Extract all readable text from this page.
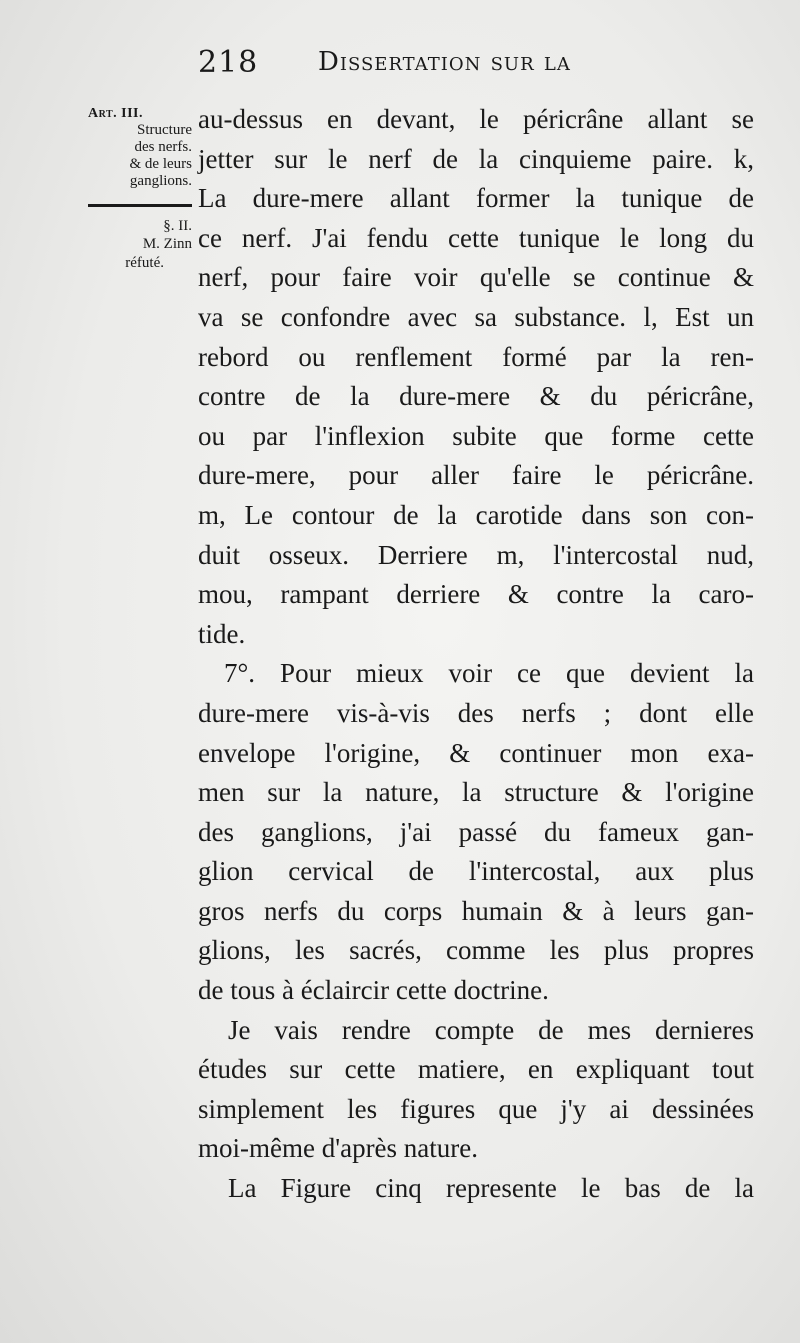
218 Dissertation sur la
Art. III.
Structure
des nerfs.
& de leurs
ganglions.
§. II.
M. Zinn
réfuté.
au-dessus en devant, le péricrâne allant se
jetter sur le nerf de la cinquieme paire. k,
La dure-mere allant former la tunique de
ce nerf. J'ai fendu cette tunique le long du
nerf, pour faire voir qu'elle se continue &
va se confondre avec sa substance. l, Est un
rebord ou renflement formé par la ren-
contre de la dure-mere & du péricrâne,
ou par l'inflexion subite que forme cette
dure-mere, pour aller faire le péricrâne.
m, Le contour de la carotide dans son con-
duit osseux. Derriere m, l'intercostal nud,
mou, rampant derriere & contre la caro-
tide.
7°. Pour mieux voir ce que devient la
dure-mere vis-à-vis des nerfs ; dont elle
envelope l'origine, & continuer mon exa-
men sur la nature, la structure & l'origine
des ganglions, j'ai passé du fameux gan-
glion cervical de l'intercostal, aux plus
gros nerfs du corps humain & à leurs gan-
glions, les sacrés, comme les plus propres
de tous à éclaircir cette doctrine.
Je vais rendre compte de mes dernieres
études sur cette matiere, en expliquant tout
simplement les figures que j'y ai dessinées
moi-même d'après nature.
La Figure cinq represente le bas de la
